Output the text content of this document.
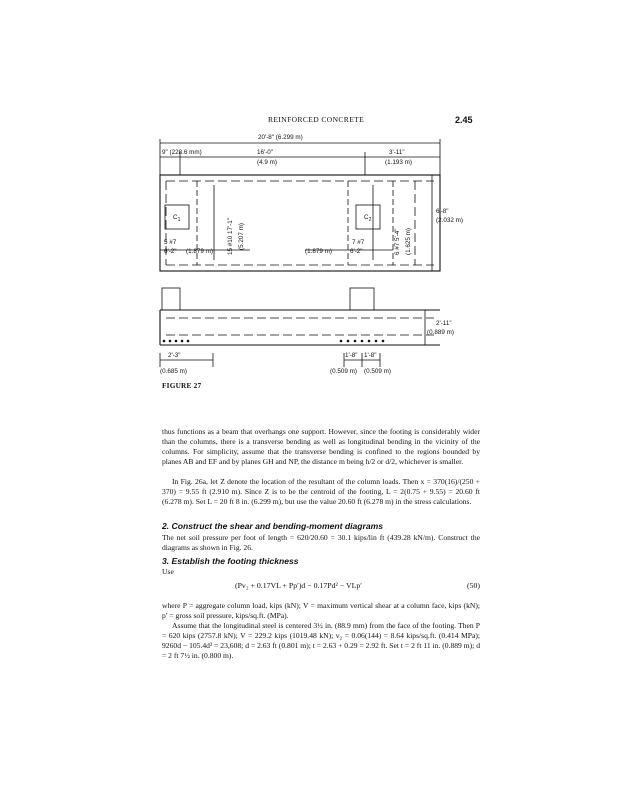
REINFORCED CONCRETE	2.45
20'-8" (6.299 m)
9" (228.6 mm)	16'-0"
(4.9 m)
3'-11"
(1.193 m)
6'-8"
(2.032 m)
15 #10 17'-1" (5.207 m)	6 #7 5'-4" (1.625 m)
5 #7
6'-2" (1.879 m)	(1.879 m)
7 #7
6'-2"
2'-11"
(0.889 m)
2'-3"
(0.685 m)
1'-8" 1'-8"
(0.509 m) (0.509 m)
$C_1$	$C_2$
FIGURE 27

thus functions as a beam that overhangs one support. However, since the footing is considerably wider than the columns, there is a transverse bending as well as longitudinal bending in the vicinity of the columns. For simplicity, assume that the transverse bending is confined to the regions bounded by planes AB and EF and by planes GH and NP, the distance m being h/2 or d/2, whichever is smaller.

In Fig. 26a, let Z denote the location of the resultant of the column loads. Then x = 370(16)/(250 + 370) = 9.55 ft (2.910 m). Since Z is to be the centroid of the footing, L = 2(0.75 + 9.55) = 20.60 ft (6.278 m). Set L = 20 ft 8 in. (6.299 m), but use the value 20.60 ft (6.278 m) in the stress calculations.

2. Construct the shear and bending-moment diagrams

The net soil pressure per foot of length = 620/20.60 = 30.1 kips/lin ft (439.28 kN/m). Construct the diagrams as shown in Fig. 26.

3. Establish the footing thickness

Use

(Pv₂ + 0.17VL + Pp′)d − 0.17Pd² − VLp′	(50)

where P = aggregate column load, kips (kN); V = maximum vertical shear at a column face, kips (kN); p′ = gross soil pressure, kips/sq.ft. (MPa).

Assume that the longitudinal steel is centered 3½ in. (88.9 mm) from the face of the footing. Then P = 620 kips (2757.8 kN); V = 229.2 kips (1019.48 kN); v₂ = 0.06(144) = 8.64 kips/sq.ft. (0.414 MPa); 9260d − 105.4d² = 23,608; d = 2.63 ft (0.801 m); t = 2.63 + 0.29 = 2.92 ft. Set t = 2 ft 11 in. (0.889 m); d = 2 ft 7½ in. (0.800 m).
